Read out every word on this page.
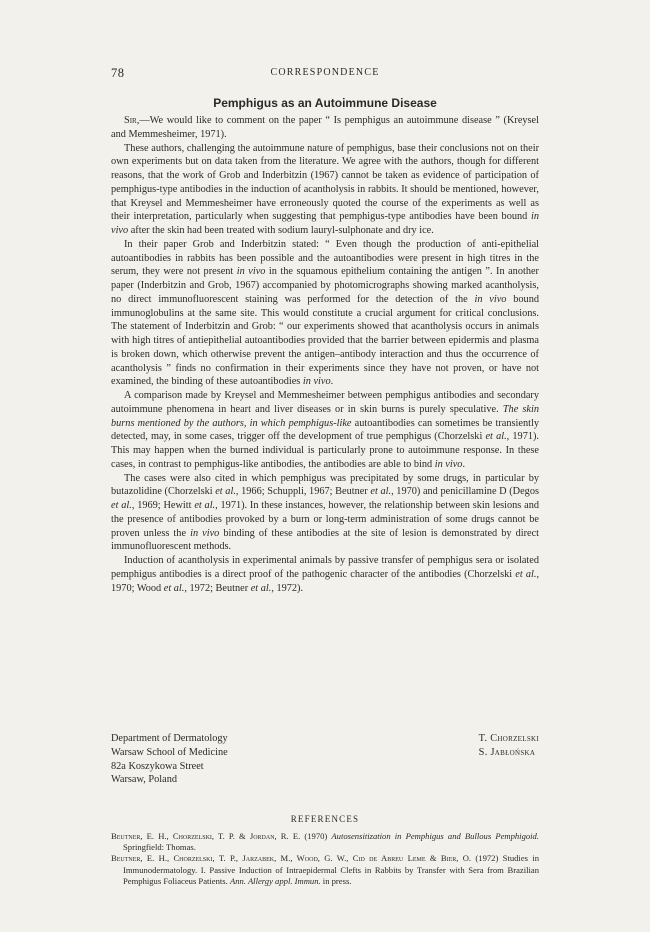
78	CORRESPONDENCE
Pemphigus as an Autoimmune Disease

Sir,—We would like to comment on the paper “ Is pemphigus an autoimmune disease ” (Kreysel and Memmesheimer, 1971).

These authors, challenging the autoimmune nature of pemphigus, base their conclusions not on their own experiments but on data taken from the literature. We agree with the authors, though for different reasons, that the work of Grob and Inderbitzin (1967) cannot be taken as evidence of participation of pemphigus-type antibodies in the induction of acantholysis in rabbits. It should be mentioned, however, that Kreysel and Memmesheimer have erroneously quoted the course of the experiments as well as their interpretation, particularly when suggesting that pemphigus-type antibodies have been bound in vivo after the skin had been treated with sodium lauryl-sulphonate and dry ice.

In their paper Grob and Inderbitzin stated: “ Even though the production of anti-epithelial autoantibodies in rabbits has been possible and the autoantibodies were present in high titres in the serum, they were not present in vivo in the squamous epithelium containing the antigen ”. In another paper (Inderbitzin and Grob, 1967) accompanied by photomicrographs showing marked acantholysis, no direct immunofluorescent staining was performed for the detection of the in vivo bound immunoglobulins at the same site. This would constitute a crucial argument for critical conclusions. The statement of Inderbitzin and Grob: “ our experiments showed that acantholysis occurs in animals with high titres of antiepithelial autoantibodies provided that the barrier between epidermis and plasma is broken down, which otherwise prevent the antigen–antibody interaction and thus the occurrence of acantholysis ” finds no confirmation in their experiments since they have not proven, or have not examined, the binding of these autoantibodies in vivo.

A comparison made by Kreysel and Memmesheimer between pemphigus antibodies and secondary autoimmune phenomena in heart and liver diseases or in skin burns is purely speculative. The skin burns mentioned by the authors, in which pemphigus-like autoantibodies can sometimes be transiently detected, may, in some cases, trigger off the development of true pemphigus (Chorzelski et al., 1971). This may happen when the burned individual is particularly prone to autoimmune response. In these cases, in contrast to pemphigus-like antibodies, the antibodies are able to bind in vivo.

The cases were also cited in which pemphigus was precipitated by some drugs, in particular by butazolidine (Chorzelski et al., 1966; Schuppli, 1967; Beutner et al., 1970) and penicillamine D (Degos et al., 1969; Hewitt et al., 1971). In these instances, however, the relationship between skin lesions and the presence of antibodies provoked by a burn or long-term administration of some drugs cannot be proven unless the in vivo binding of these antibodies at the site of lesion is demonstrated by direct immunofluorescent methods.

Induction of acantholysis in experimental animals by passive transfer of pemphigus sera or isolated pemphigus antibodies is a direct proof of the pathogenic character of the antibodies (Chorzelski et al., 1970; Wood et al., 1972; Beutner et al., 1972).

Department of Dermatology
Warsaw School of Medicine
82a Koszykowa Street
Warsaw, Poland
T. Chorzelski
S. Jabłońska
REFERENCES

Beutner, E. H., Chorzelski, T. P. & Jordan, R. E. (1970) Autosensitization in Pemphigus and Bullous Pemphigoid. Springfield: Thomas.

Beutner, E. H., Chorzelski, T. P., Jarzabek, M., Wood, G. W., Cid de Abreu Leme & Bier, O. (1972) Studies in Immunodermatology. I. Passive Induction of Intraepidermal Clefts in Rabbits by Transfer with Sera from Brazilian Pemphigus Foliaceus Patients. Ann. Allergy appl. Immun. in press.
